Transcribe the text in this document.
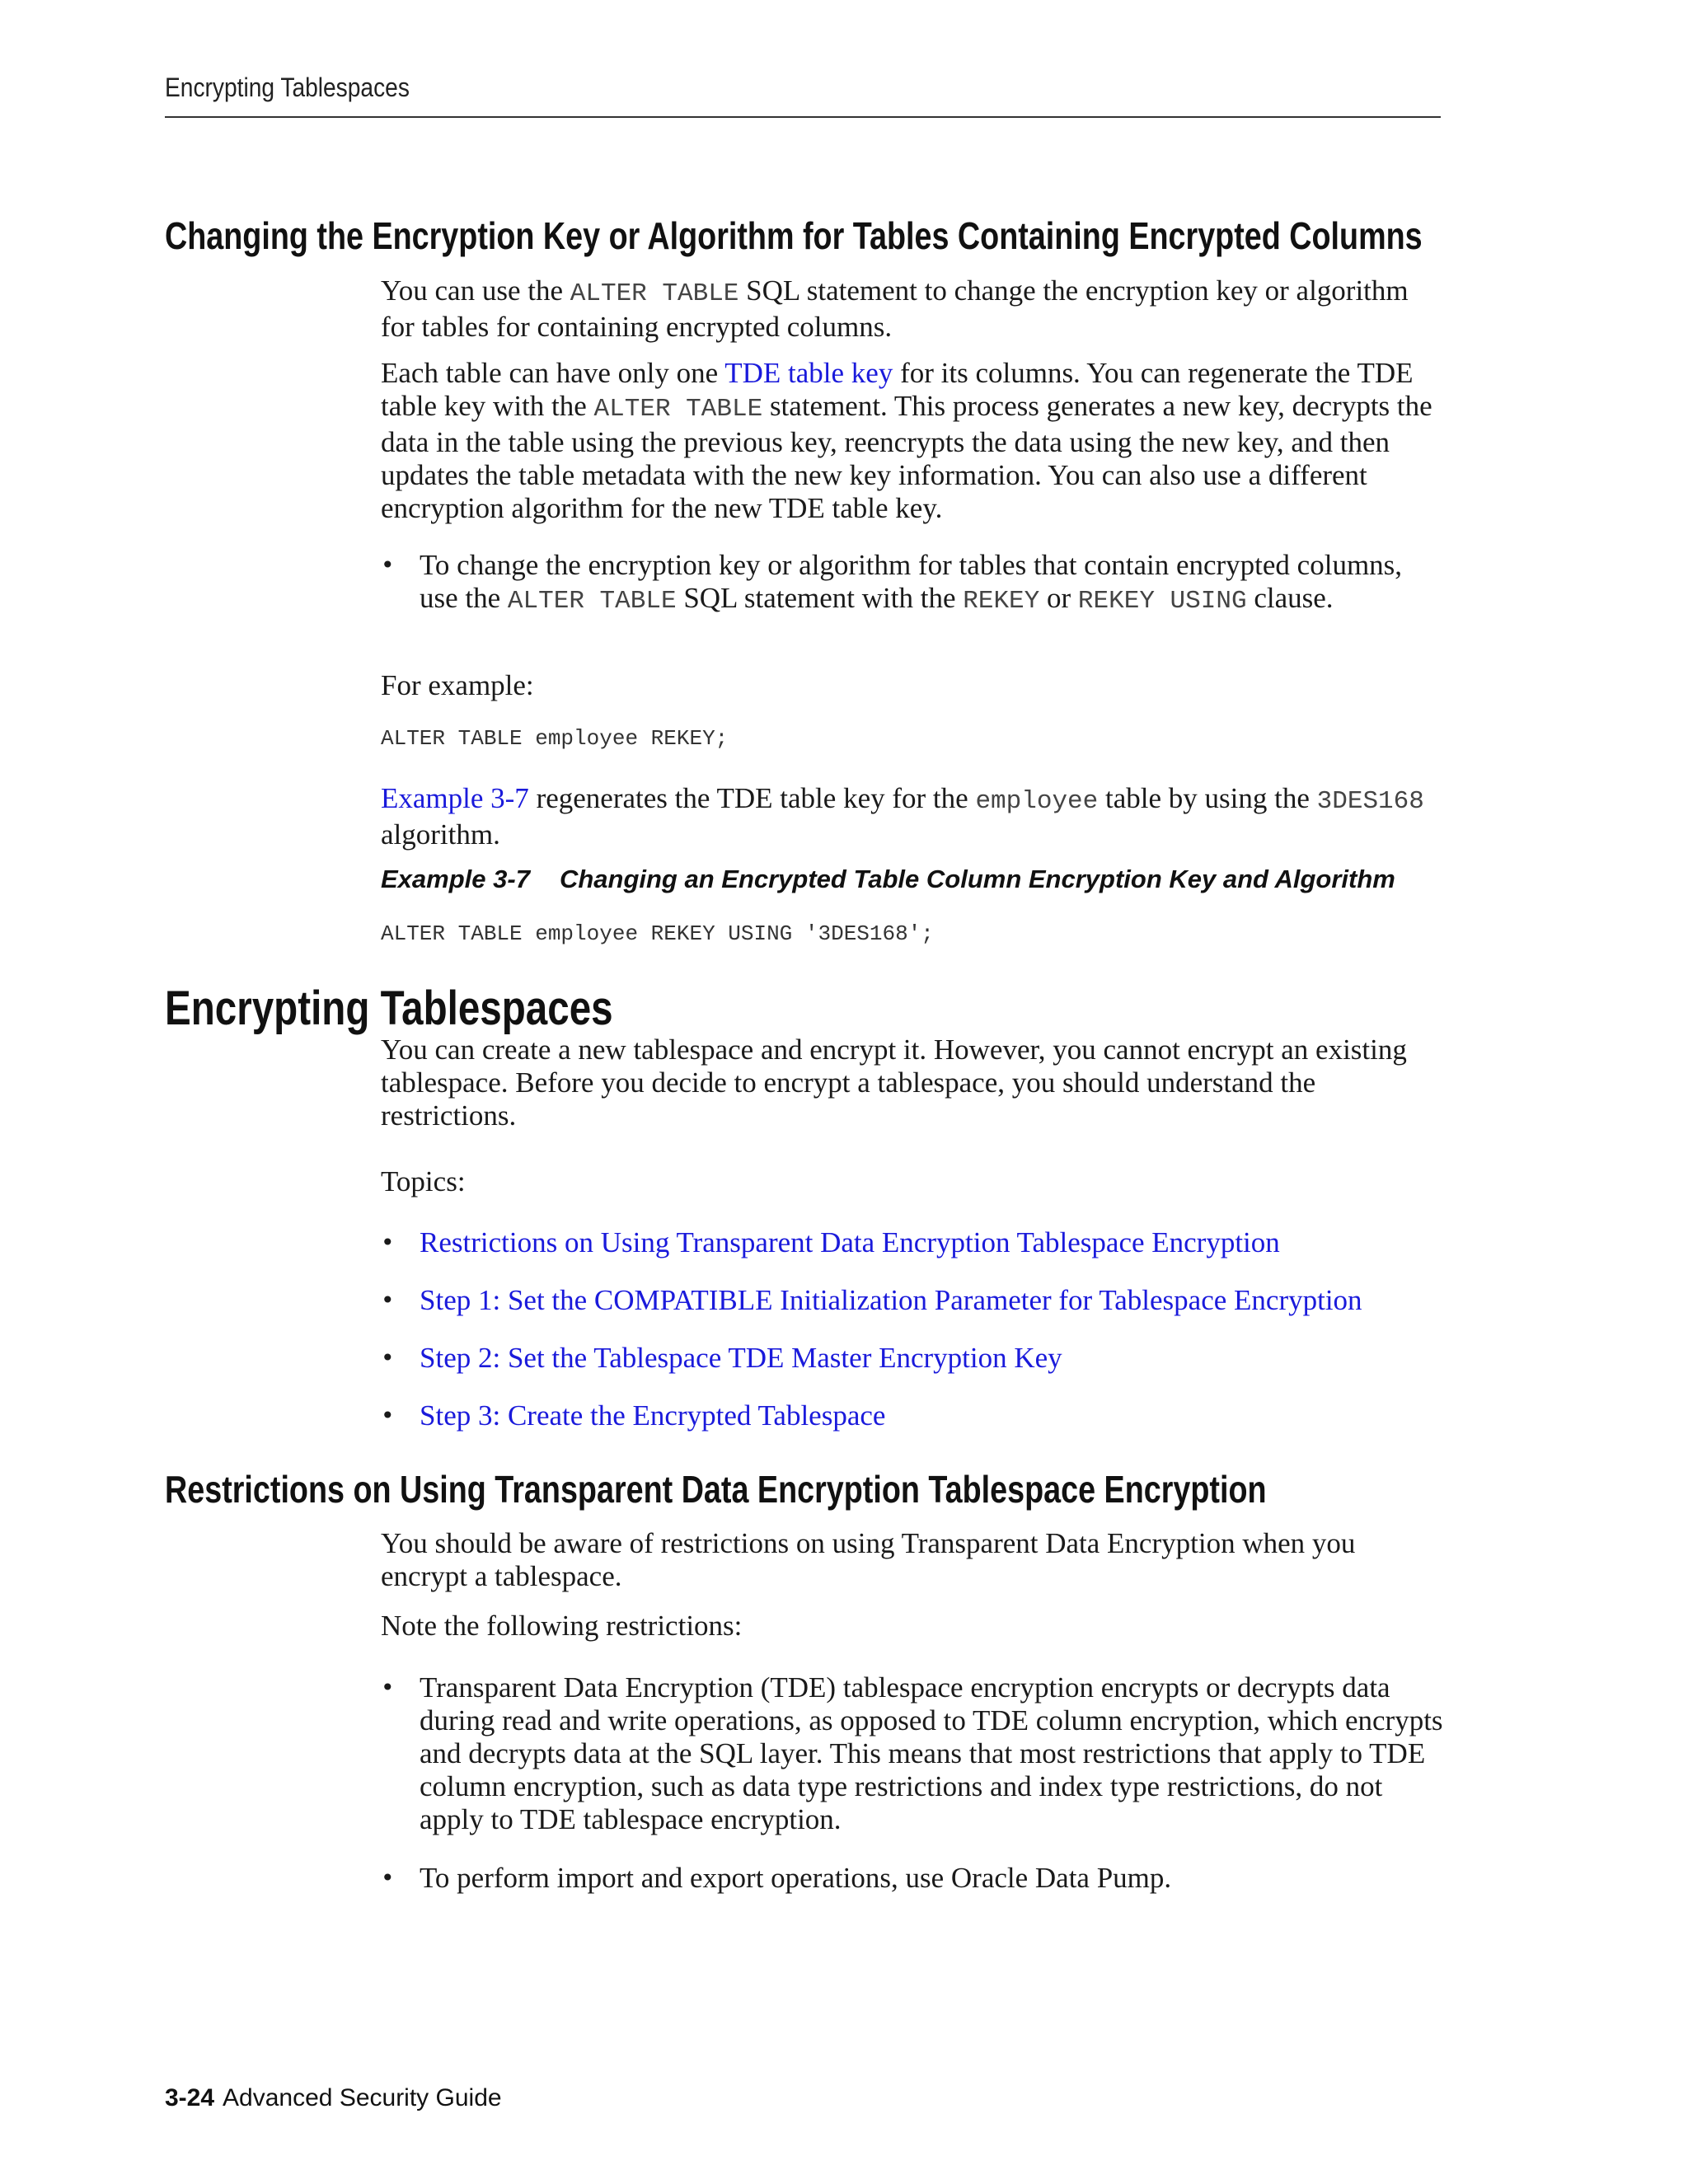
Encrypting Tablespaces
Changing the Encryption Key or Algorithm for Tables Containing Encrypted Columns

You can use the ALTER TABLE SQL statement to change the encryption key or algorithm for tables for containing encrypted columns.

Each table can have only one TDE table key for its columns. You can regenerate the TDE table key with the ALTER TABLE statement. This process generates a new key, decrypts the data in the table using the previous key, reencrypts the data using the new key, and then updates the table metadata with the new key information. You can also use a different encryption algorithm for the new TDE table key.

• To change the encryption key or algorithm for tables that contain encrypted columns, use the ALTER TABLE SQL statement with the REKEY or REKEY USING clause.

For example:

ALTER TABLE employee REKEY;

Example 3-7 regenerates the TDE table key for the employee table by using the 3DES168 algorithm.

Example 3-7 Changing an Encrypted Table Column Encryption Key and Algorithm
ALTER TABLE employee REKEY USING '3DES168';
Encrypting Tablespaces

You can create a new tablespace and encrypt it. However, you cannot encrypt an existing tablespace. Before you decide to encrypt a tablespace, you should understand the restrictions.

Topics:

• Restrictions on Using Transparent Data Encryption Tablespace Encryption
• Step 1: Set the COMPATIBLE Initialization Parameter for Tablespace Encryption
• Step 2: Set the Tablespace TDE Master Encryption Key
• Step 3: Create the Encrypted Tablespace
Restrictions on Using Transparent Data Encryption Tablespace Encryption

You should be aware of restrictions on using Transparent Data Encryption when you encrypt a tablespace.

Note the following restrictions:

• Transparent Data Encryption (TDE) tablespace encryption encrypts or decrypts data during read and write operations, as opposed to TDE column encryption, which encrypts and decrypts data at the SQL layer. This means that most restrictions that apply to TDE column encryption, such as data type restrictions and index type restrictions, do not apply to TDE tablespace encryption.
• To perform import and export operations, use Oracle Data Pump.
3-24 Advanced Security Guide
